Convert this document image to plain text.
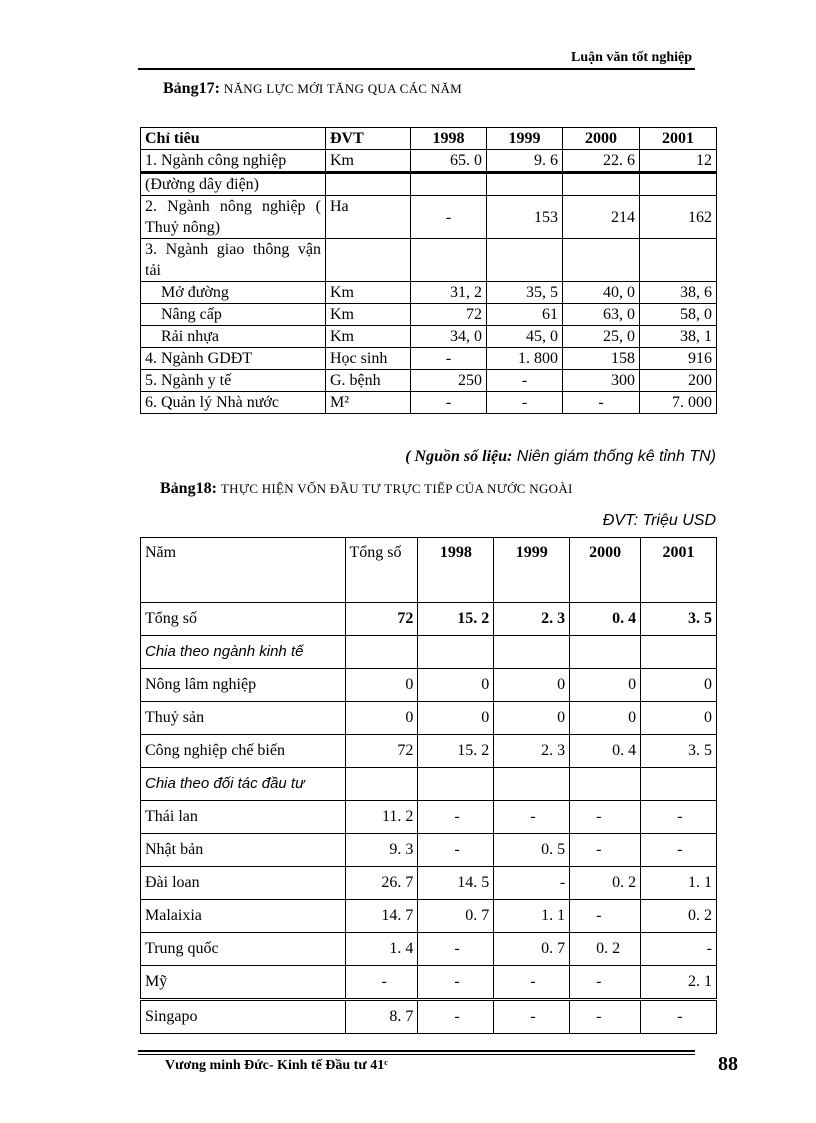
Luận văn tốt nghiệp
Bảng17: NĂNG LỰC MỚI TĂNG QUA CÁC NĂM
Chỉ tiêu	ĐVT	1998	1999	2000	2001
1. Ngành công nghiệp	Km	65. 0	9. 6	22. 6	12
(Đường dây điện)					
2. Ngành nông nghiệp ( Thuỷ nông)	Ha	-	153	214	162
3. Ngành giao thông vận tải					
Mở đường	Km	31, 2	35, 5	40, 0	38, 6
Nâng cấp	Km	72	61	63, 0	58, 0
Rải nhựa	Km	34, 0	45, 0	25, 0	38, 1
4. Ngành GDĐT	Học sinh	-	1. 800	158	916
5. Ngành y tế	G. bệnh	250	-	300	200
6. Quản lý Nhà nước	M²	-	-	-	7. 000
( Nguồn số liệu: Niên giám thống kê tỉnh TN)
Bảng18: THỰC HIỆN VỐN ĐẦU TƯ TRỰC TIẾP CỦA NƯỚC NGOÀI
ĐVT: Triệu USD
Năm	Tổng số	1998	1999	2000	2001
Tổng số	72	15. 2	2. 3	0. 4	3. 5
Chia theo ngành kinh tế					
Nông lâm nghiệp	0	0	0	0	0
Thuỷ sản	0	0	0	0	0
Công nghiệp chế biến	72	15. 2	2. 3	0. 4	3. 5
Chia theo đối tác đầu tư					
Thái lan	11. 2	-	-	-	-
Nhật bản	9. 3	-	0. 5	-	-
Đài loan	26. 7	14. 5	-	0. 2	1. 1
Malaixia	14. 7	0. 7	1. 1	-	0. 2
Trung quốc	1. 4	-	0. 7	0. 2	-
Mỹ	-	-	-	-	2. 1
Singapo	8. 7	-	-	-	-
Vương minh Đức- Kinh tế Đầu tư 41ᶜ	88
